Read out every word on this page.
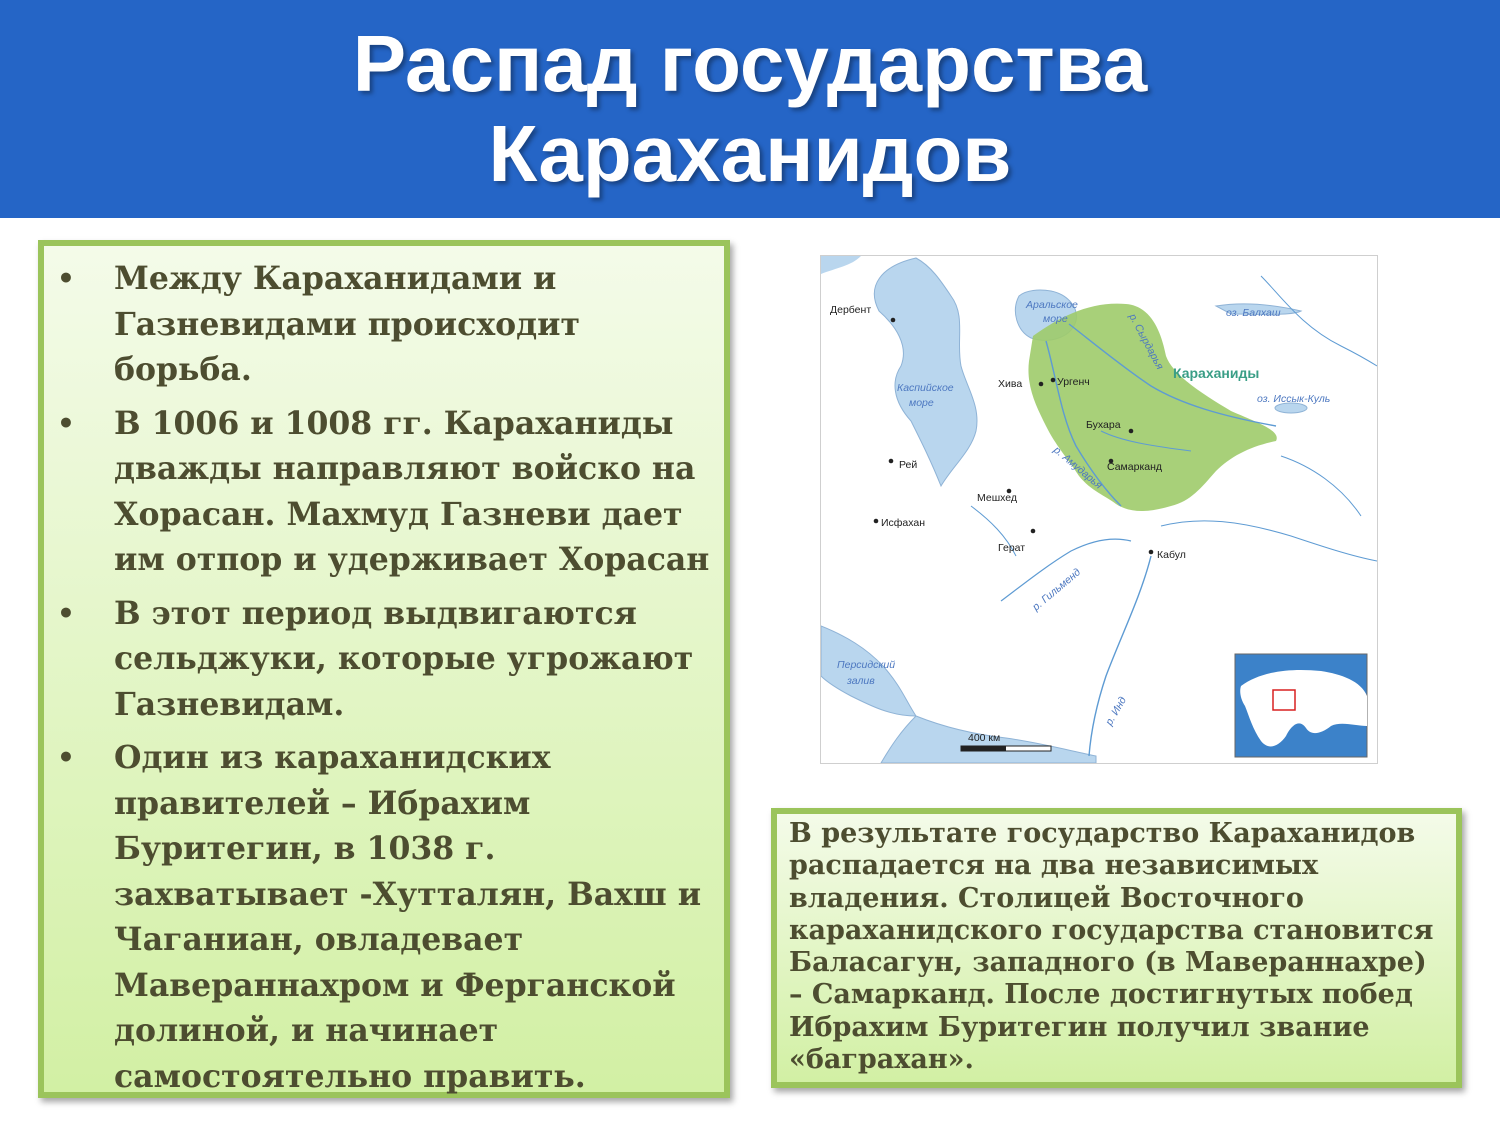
Распад государства
Караханидов
• Между Караханидами и Газневидами происходит борьба.
• В 1006 и 1008 гг. Караханиды дважды направляют войско на Хорасан. Махмуд Газневи дает им отпор и удерживает Хорасан
• В этот период выдвигаются сельджуки, которые угрожают Газневидам.
• Один из караханидских правителей – Ибрахим Буритегин, в 1038 г. захватывает -Хутталян, Вахш и Чаганиан, овладевает Мавераннахром и Ферганской долиной, и начинает самостоятельно править.
Аральское
море
Каспийское
море
Персидский
залив
оз. Балхаш
оз. Иссык-Куль
р. Сырдарья
р. Амударья
р. Гильменд
р. Инд
Караханиды
Дербент
Хива	Ургенч
Бухара
Самарканд
Рей
Мешхед
Исфахан
Герат
Кабул
400 км
В результате государство Караханидов распадается на два независимых владения. Столицей Восточного караханидского государства становится Баласагун, западного (в Мавераннахре) – Самарканд. После достигнутых побед Ибрахим Буритегин получил звание «баграхан».
